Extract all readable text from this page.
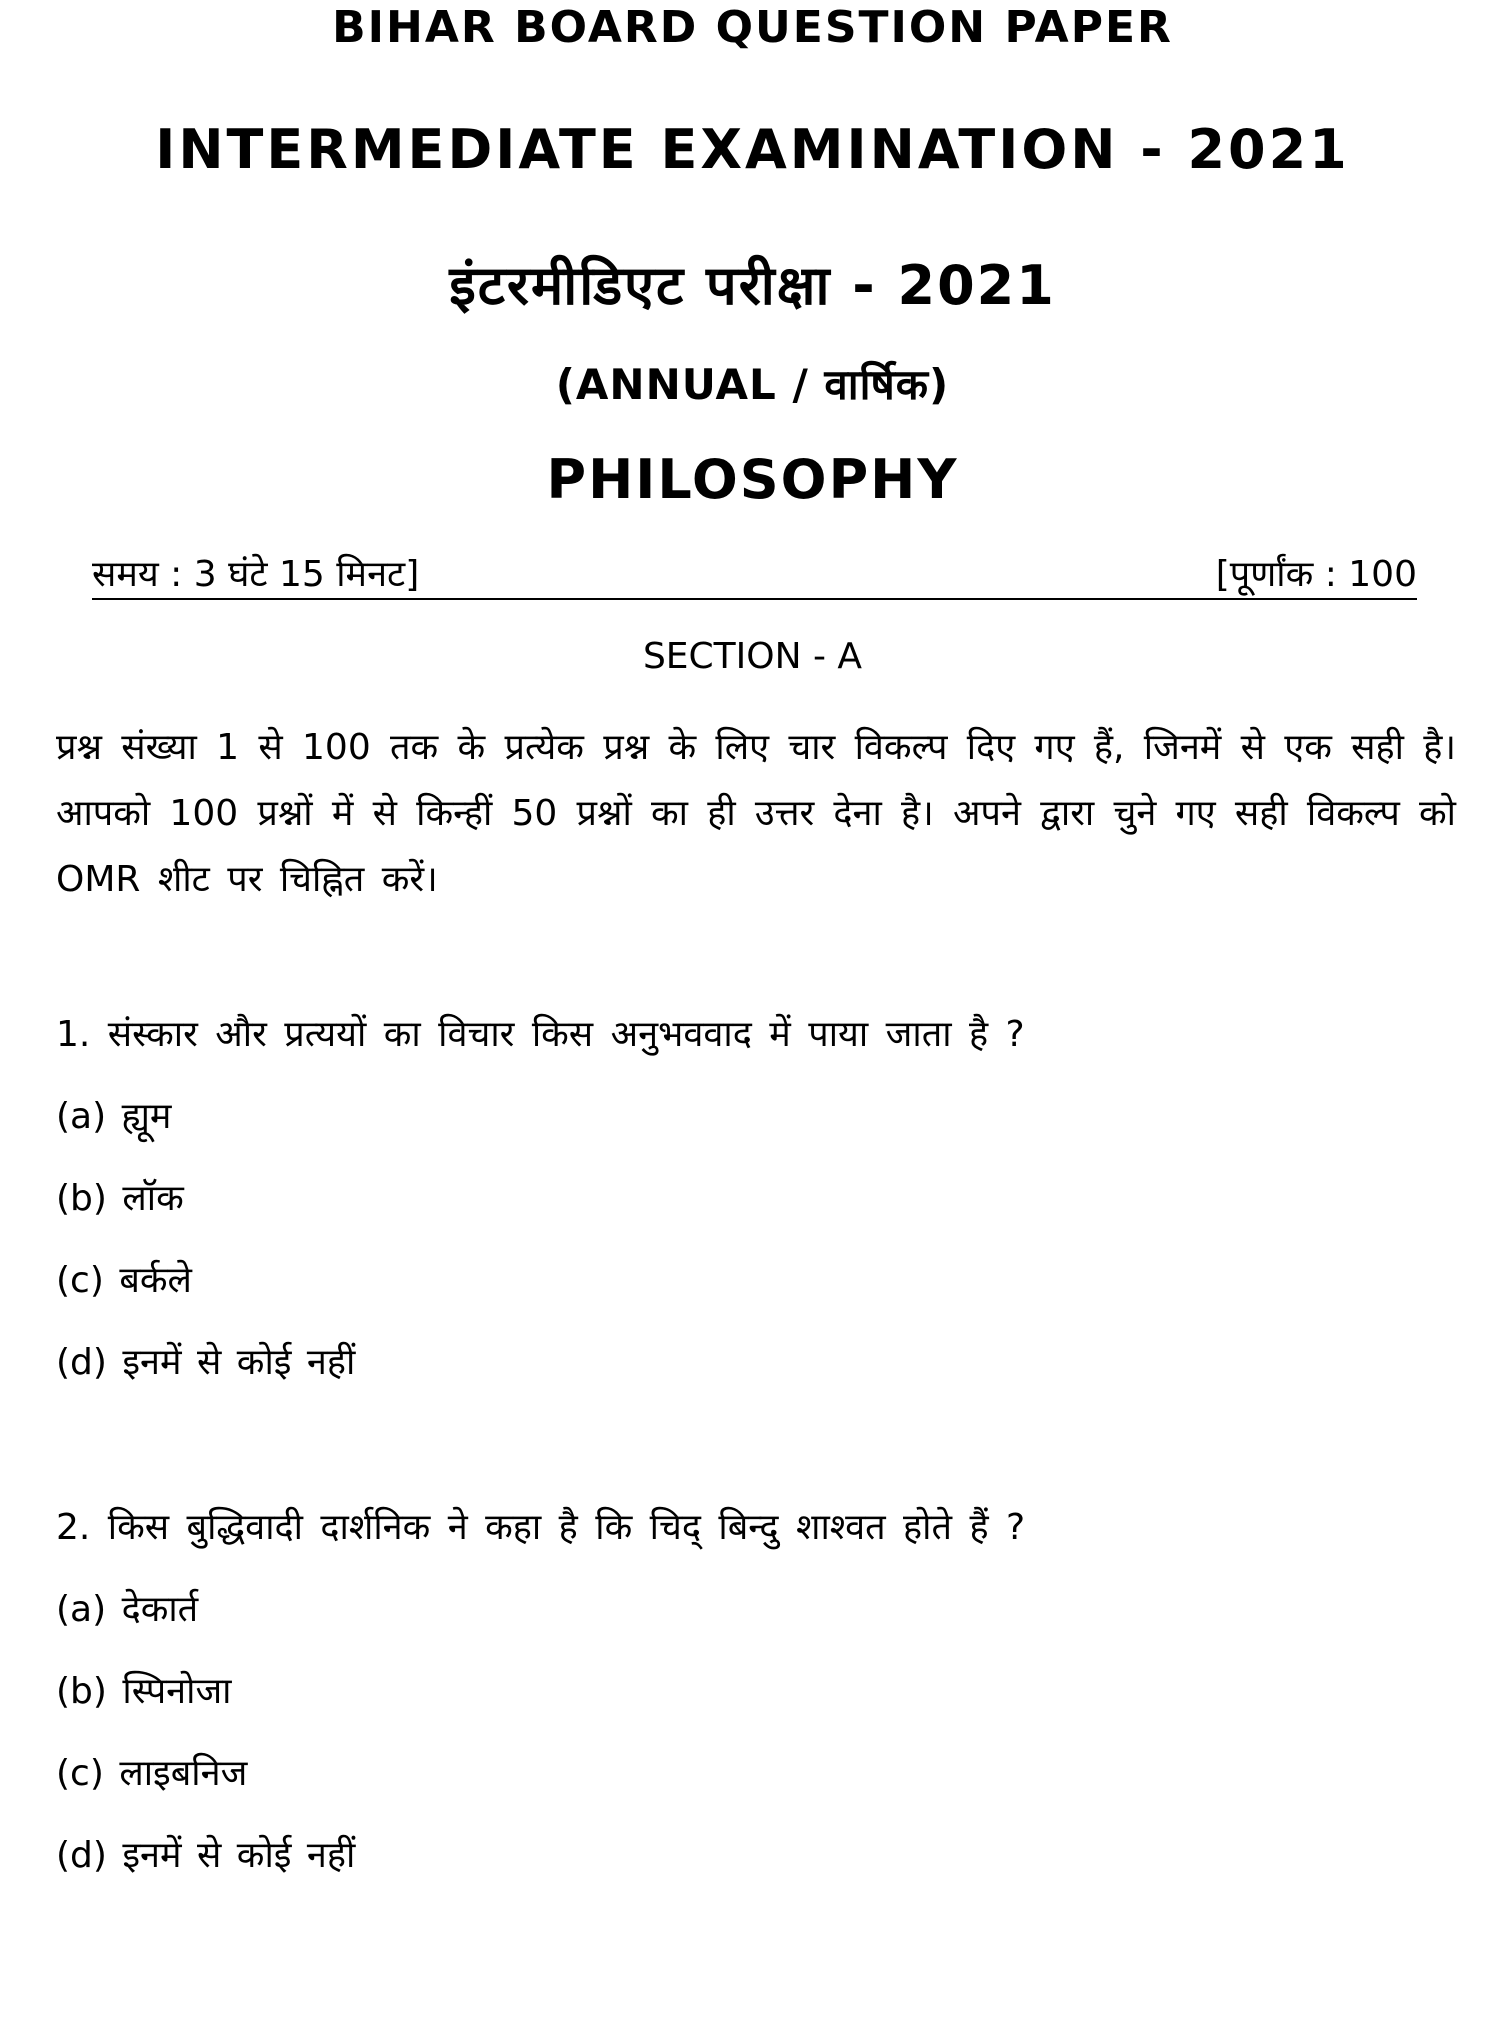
BIHAR BOARD QUESTION PAPER
INTERMEDIATE EXAMINATION - 2021
इंटरमीडिएट परीक्षा - 2021
(ANNUAL / वार्षिक)
PHILOSOPHY
समय : 3 घंटे 15 मिनट]	[पूर्णांक : 100
SECTION - A
प्रश्न संख्या 1 से 100 तक के प्रत्येक प्रश्न के लिए चार विकल्प दिए गए हैं, जिनमें से एक सही है। आपको 100 प्रश्नों में से किन्हीं 50 प्रश्नों का ही उत्तर देना है। अपने द्वारा चुने गए सही विकल्प को OMR शीट पर चिह्नित करें।
1. संस्कार और प्रत्ययों का विचार किस अनुभववाद में पाया जाता है ?
(a) ह्यूम
(b) लॉक
(c) बर्कले
(d) इनमें से कोई नहीं
2. किस बुद्धिवादी दार्शनिक ने कहा है कि चिद् बिन्दु शाश्वत होते हैं ?
(a) देकार्त
(b) स्पिनोजा
(c) लाइबनिज
(d) इनमें से कोई नहीं
